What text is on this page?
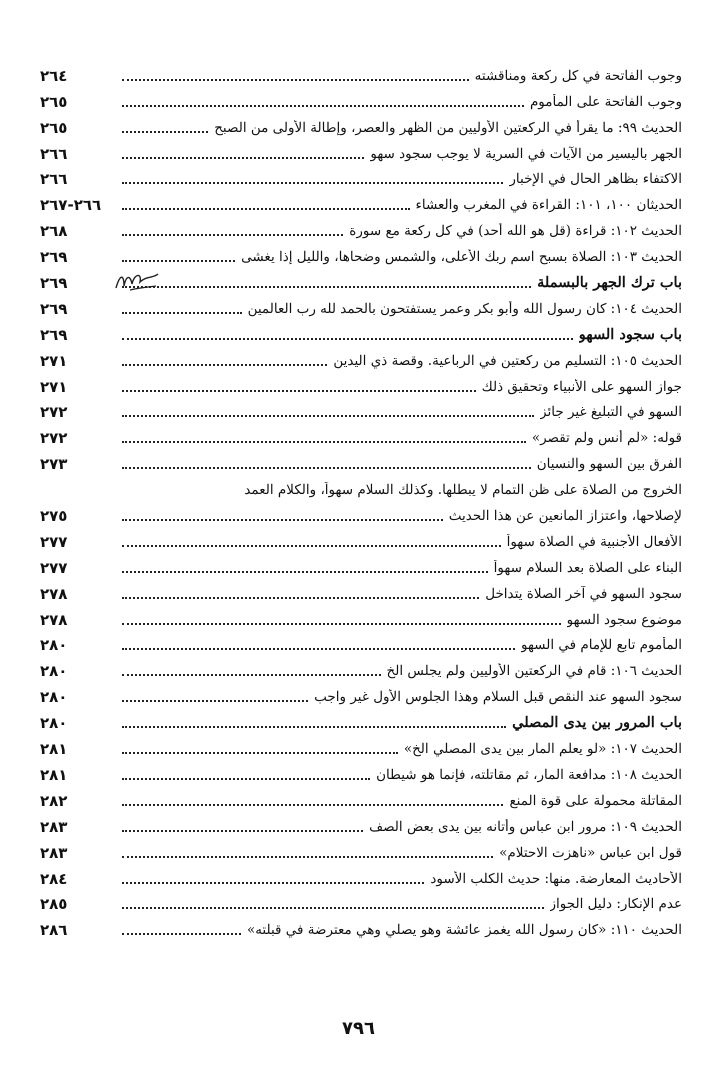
وجوب الفاتحة في كل ركعة ومناقشته
٢٦٤
وجوب الفاتحة على المأموم
٢٦٥
الحديث ٩٩: ما يقرأ في الركعتين الأوليين من الظهر والعصر، وإطالة الأولى من الصبح
٢٦٥
الجهر باليسير من الآيات في السرية لا يوجب سجود سهو
٢٦٦
الاكتفاء بظاهر الحال في الإخبار
٢٦٦
الحديثان ١٠٠، ١٠١: القراءة في المغرب والعشاء
٢٦٦-٢٦٧
الحديث ١٠٢: قراءة (قل هو الله أحد) في كل ركعة مع سورة
٢٦٨
الحديث ١٠٣: الصلاة بسبح اسم ربك الأعلى، والشمس وضحاها، والليل إذا يغشى
٢٦٩
باب ترك الجهر بالبسملة
٢٦٩
الحديث ١٠٤: كان رسول الله وأبو بكر وعمر يستفتحون بالحمد لله رب العالمين
٢٦٩
باب سجود السهو
٢٦٩
الحديث ١٠٥: التسليم من ركعتين في الرباعية. وقصة ذي اليدين
٢٧١
جواز السهو على الأنبياء وتحقيق ذلك
٢٧١
السهو في التبليغ غير جائز
٢٧٢
قوله: «لم أنس ولم تقصر»
٢٧٢
الفرق بين السهو والنسيان
٢٧٣
الخروج من الصلاة على ظن التمام لا يبطلها. وكذلك السلام سهواً، والكلام العمد
لإصلاحها، واعتزاز المانعين عن هذا الحديث
٢٧٥
الأفعال الأجنبية في الصلاة سهواً
٢٧٧
البناء على الصلاة بعد السلام سهواً
٢٧٧
سجود السهو في آخر الصلاة يتداخل
٢٧٨
موضوع سجود السهو
٢٧٨
المأموم تابع للإمام في السهو
٢٨٠
الحديث ١٠٦: قام في الركعتين الأوليين ولم يجلس الخ
٢٨٠
سجود السهو عند النقص قبل السلام وهذا الجلوس الأول غير واجب
٢٨٠
باب المرور بين يدى المصلي
٢٨٠
الحديث ١٠٧: «لو يعلم المار بين يدى المصلي الخ»
٢٨١
الحديث ١٠٨: مدافعة المار، ثم مقاتلته، فإنما هو شيطان
٢٨١
المقاتلة محمولة على قوة المنع
٢٨٢
الحديث ١٠٩: مرور ابن عباس وأتانه بين يدى بعض الصف
٢٨٣
قول ابن عباس «ناهزت الاحتلام»
٢٨٣
الأحاديث المعارضة. منها: حديث الكلب الأسود
٢٨٤
عدم الإنكار: دليل الجواز
٢٨٥
الحديث ١١٠: «كان رسول الله يغمز عائشة وهو يصلي وهي معترضة في قبلته»
٢٨٦
٧٩٦
